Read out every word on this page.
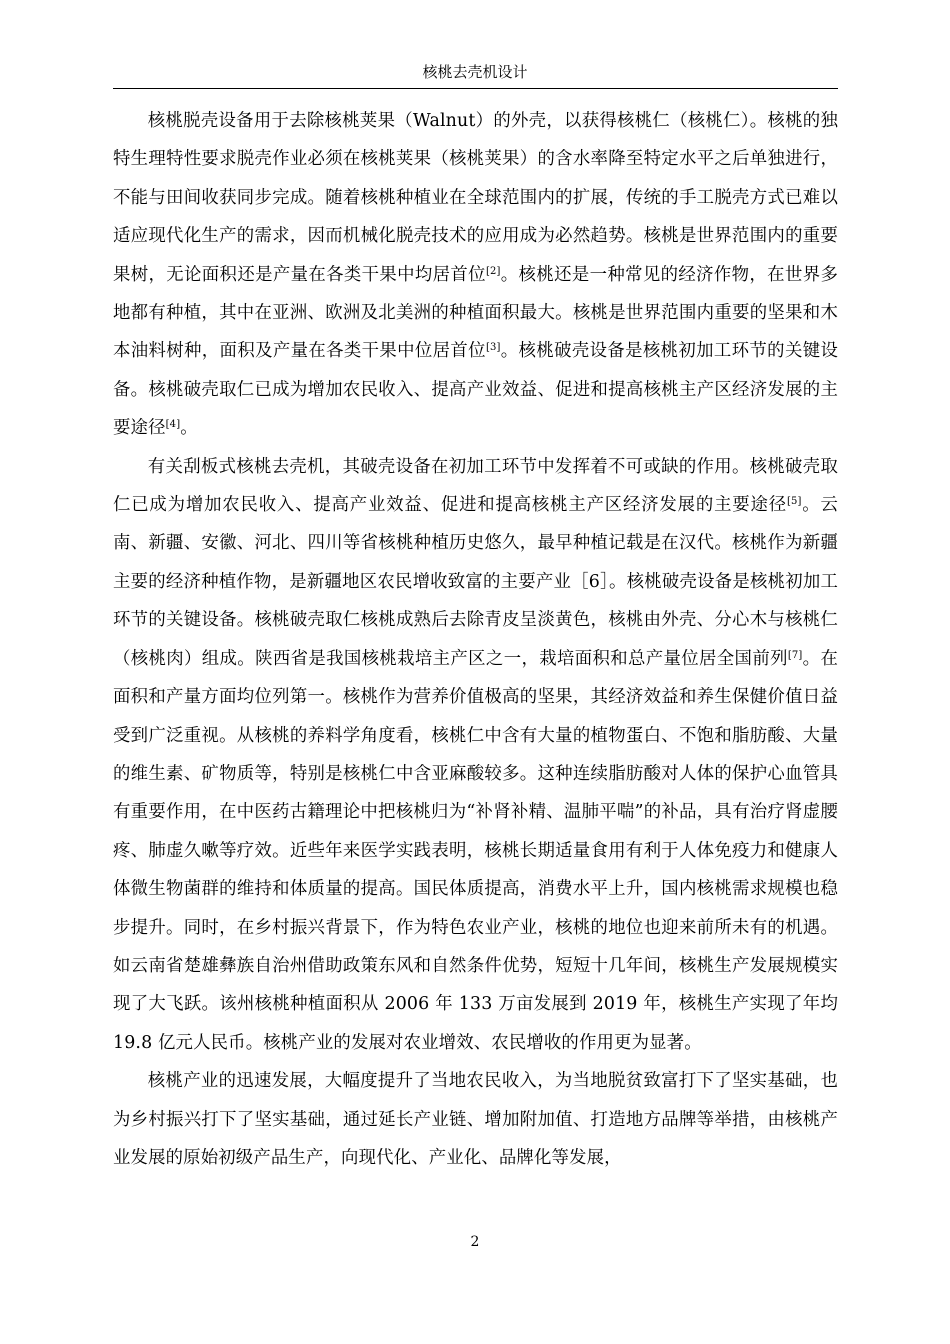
核桃去壳机设计

核桃脱壳设备用于去除核桃荚果（Walnut）的外壳，以获得核桃仁（核桃仁）。核桃的独特生理特性要求脱壳作业必须在核桃荚果（核桃荚果）的含水率降至特定水平之后单独进行，不能与田间收获同步完成。随着核桃种植业在全球范围内的扩展，传统的手工脱壳方式已难以适应现代化生产的需求，因而机械化脱壳技术的应用成为必然趋势。核桃是世界范围内的重要果树，无论面积还是产量在各类干果中均居首位[2]。核桃还是一种常见的经济作物，在世界多地都有种植，其中在亚洲、欧洲及北美洲的种植面积最大。核桃是世界范围内重要的坚果和木本油料树种，面积及产量在各类干果中位居首位[3]。核桃破壳设备是核桃初加工环节的关键设备。核桃破壳取仁已成为增加农民收入、提高产业效益、促进和提高核桃主产区经济发展的主要途径[4]。

有关刮板式核桃去壳机，其破壳设备在初加工环节中发挥着不可或缺的作用。核桃破壳取仁已成为增加农民收入、提高产业效益、促进和提高核桃主产区经济发展的主要途径[5]。云南、新疆、安徽、河北、四川等省核桃种植历史悠久，最早种植记载是在汉代。核桃作为新疆主要的经济种植作物，是新疆地区农民增收致富的主要产业［6］。核桃破壳设备是核桃初加工环节的关键设备。核桃破壳取仁核桃成熟后去除青皮呈淡黄色，核桃由外壳、分心木与核桃仁（核桃肉）组成。陕西省是我国核桃栽培主产区之一，栽培面积和总产量位居全国前列[7]。在面积和产量方面均位列第一。核桃作为营养价值极高的坚果，其经济效益和养生保健价值日益受到广泛重视。从核桃的养料学角度看，核桃仁中含有大量的植物蛋白、不饱和脂肪酸、大量的维生素、矿物质等，特别是核桃仁中含亚麻酸较多。这种连续脂肪酸对人体的保护心血管具有重要作用，在中医药古籍理论中把核桃归为“补肾补精、温肺平喘”的补品，具有治疗肾虚腰疼、肺虚久嗽等疗效。近些年来医学实践表明，核桃长期适量食用有利于人体免疫力和健康人体微生物菌群的维持和体质量的提高。国民体质提高，消费水平上升，国内核桃需求规模也稳步提升。同时，在乡村振兴背景下，作为特色农业产业，核桃的地位也迎来前所未有的机遇。如云南省楚雄彝族自治州借助政策东风和自然条件优势，短短十几年间，核桃生产发展规模实现了大飞跃。该州核桃种植面积从 2006 年 133 万亩发展到 2019 年，核桃生产实现了年均 19.8 亿元人民币。核桃产业的发展对农业增效、农民增收的作用更为显著。

核桃产业的迅速发展，大幅度提升了当地农民收入，为当地脱贫致富打下了坚实基础，也为乡村振兴打下了坚实基础，通过延长产业链、增加附加值、打造地方品牌等举措，由核桃产业发展的原始初级产品生产，向现代化、产业化、品牌化等发展，

2
